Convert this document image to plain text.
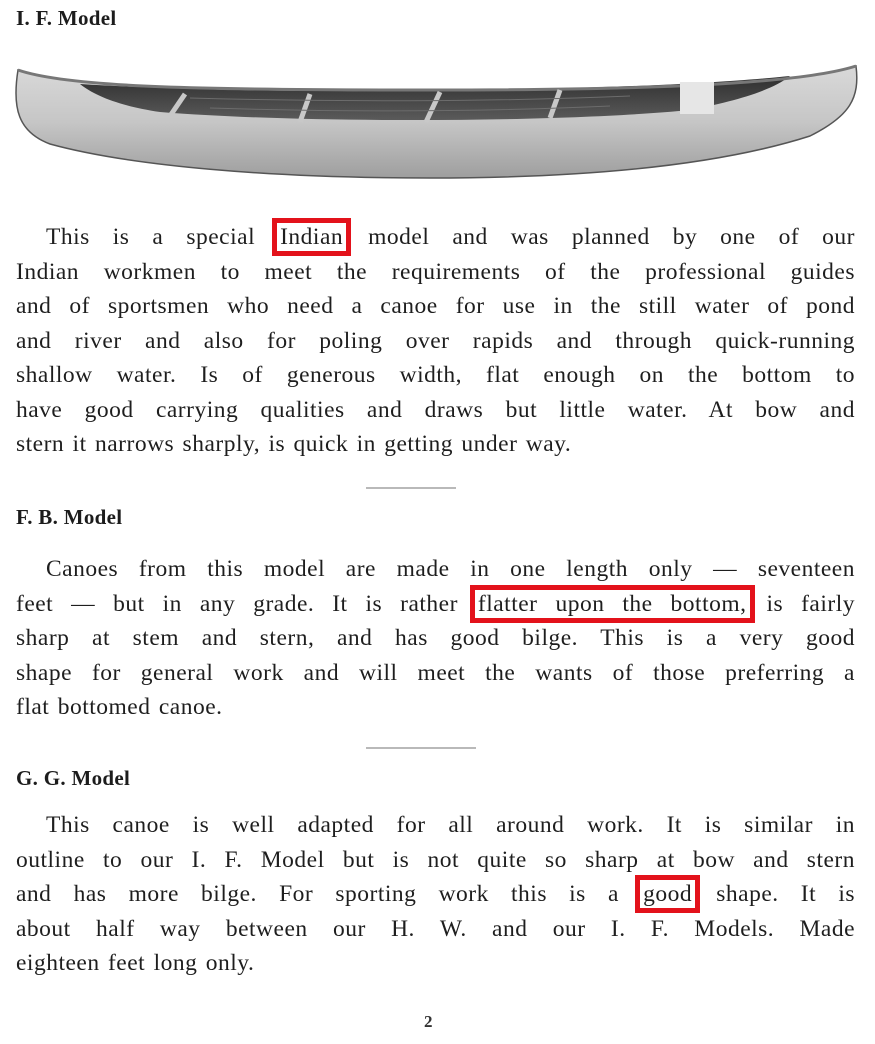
I. F. Model
This is a special Indian model and was planned by one of our
Indian workmen to meet the requirements of the professional guides
and of sportsmen who need a canoe for use in the still water of pond
and river and also for poling over rapids and through quick-running
shallow water. Is of generous width, flat enough on the bottom to
have good carrying qualities and draws but little water. At bow and
stern it narrows sharply, is quick in getting under way.
F. B. Model
Canoes from this model are made in one length only — seventeen
feet — but in any grade. It is rather flatter upon the bottom, is fairly
sharp at stem and stern, and has good bilge. This is a very good
shape for general work and will meet the wants of those preferring a
flat bottomed canoe.
G. G. Model
This canoe is well adapted for all around work. It is similar in
outline to our I. F. Model but is not quite so sharp at bow and stern
and has more bilge. For sporting work this is a good shape. It is
about half way between our H. W. and our I. F. Models. Made
eighteen feet long only.
2
